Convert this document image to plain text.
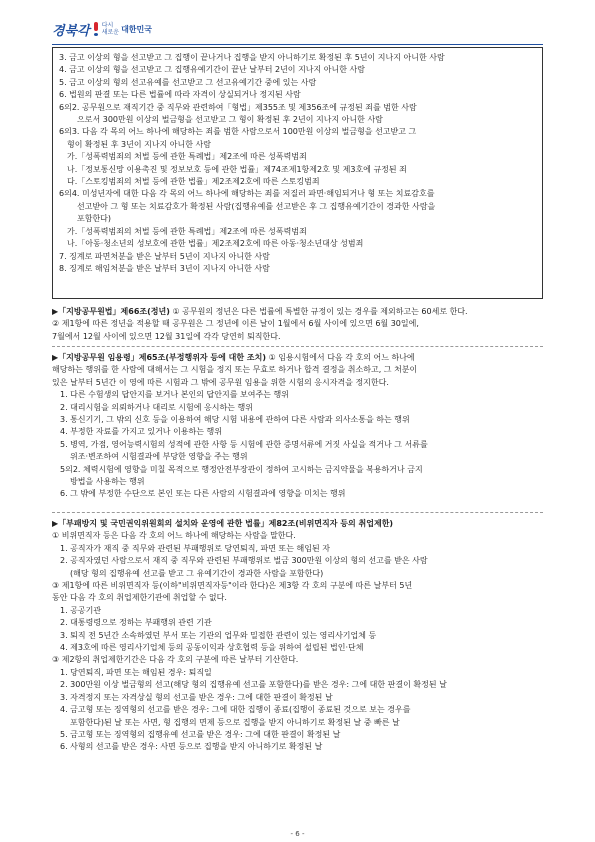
경북각 다시
새로운 대한민국
3. 금고 이상의 형을 선고받고 그 집행이 끝나거나 집행을 받지 아니하기로 확정된 후 5년이 지나지 아니한 사람
4. 금고 이상의 형을 선고받고 그 집행유예기간이 끝난 날부터 2년이 지나지 아니한 사람
5. 금고 이상의 형의 선고유예를 선고받고 그 선고유예기간 중에 있는 사람
6. 법원의 판결 또는 다른 법률에 따라 자격이 상실되거나 정지된 사람
6의2. 공무원으로 재직기간 중 직무와 관련하여「형법」제355조 및 제356조에 규정된 죄를 범한 사람
으로서 300만원 이상의 벌금형을 선고받고 그 형이 확정된 후 2년이 지나지 아니한 사람
6의3. 다음 각 목의 어느 하나에 해당하는 죄를 범한 사람으로서 100만원 이상의 벌금형을 선고받고 그
형이 확정된 후 3년이 지나지 아니한 사람
가.「성폭력범죄의 처벌 등에 관한 특례법」제2조에 따른 성폭력범죄
나.「정보통신망 이용촉진 및 정보보호 등에 관한 법률」제74조제1항제2호 및 제3호에 규정된 죄
다.「스토킹범죄의 처벌 등에 관한 법률」제2조제2호에 따른 스토킹범죄
6의4. 미성년자에 대한 다음 각 목의 어느 하나에 해당하는 죄를 저질러 파면·해임되거나 형 또는 치료감호를
선고받아 그 형 또는 치료감호가 확정된 사람(집행유예를 선고받은 후 그 집행유예기간이 경과한 사람을
포함한다)
가.「성폭력범죄의 처벌 등에 관한 특례법」제2조에 따른 성폭력범죄
나.「아동·청소년의 성보호에 관한 법률」제2조제2호에 따른 아동·청소년대상 성범죄
7. 징계로 파면처분을 받은 날부터 5년이 지나지 아니한 사람
8. 징계로 해임처분을 받은 날부터 3년이 지나지 아니한 사람
▶「지방공무원법」제66조(정년) ① 공무원의 정년은 다른 법률에 특별한 규정이 있는 경우를 제외하고는 60세로 한다.
② 제1항에 따른 정년을 적용할 때 공무원은 그 정년에 이른 날이 1월에서 6월 사이에 있으면 6월 30일에,
7월에서 12월 사이에 있으면 12월 31일에 각각 당연히 퇴직한다.
▶「지방공무원 임용령」제65조(부정행위자 등에 대한 조치) ① 임용시험에서 다음 각 호의 어느 하나에
해당하는 행위를 한 사람에 대해서는 그 시험을 정지 또는 무효로 하거나 합격 결정을 취소하고, 그 처분이
있은 날부터 5년간 이 영에 따른 시험과 그 밖에 공무원 임용을 위한 시험의 응시자격을 정지한다.
1. 다른 수험생의 답안지를 보거나 본인의 답안지를 보여주는 행위
2. 대리시험을 의뢰하거나 대리로 시험에 응시하는 행위
3. 통신기기, 그 밖의 신호 등을 이용하여 해당 시험 내용에 관하여 다른 사람과 의사소통을 하는 행위
4. 부정한 자료를 가지고 있거나 이용하는 행위
5. 병역, 가점, 영어능력시험의 성적에 관한 사항 등 시험에 관한 증명서류에 거짓 사실을 적거나 그 서류를
위조·변조하여 시험결과에 부당한 영향을 주는 행위
5의2. 체력시험에 영향을 미칠 목적으로 행정안전부장관이 정하여 고시하는 금지약물을 복용하거나 금지
방법을 사용하는 행위
6. 그 밖에 부정한 수단으로 본인 또는 다른 사람의 시험결과에 영향을 미치는 행위
▶「부패방지 및 국민권익위원회의 설치와 운영에 관한 법률」제82조(비위면직자 등의 취업제한)
① 비위면직자 등은 다음 각 호의 어느 하나에 해당하는 사람을 말한다.
1. 공직자가 재직 중 직무와 관련된 부패행위로 당연퇴직, 파면 또는 해임된 자
2. 공직자였던 사람으로서 재직 중 직무와 관련된 부패행위로 벌금 300만원 이상의 형의 선고를 받은 사람
(해당 형의 집행유예 선고를 받고 그 유예기간이 경과한 사람을 포함한다)
③ 제1항에 따른 비위면직자 등(이하"비위면직자등"이라 한다)은 제3항 각 호의 구분에 따른 날부터 5년
동안 다음 각 호의 취업제한기관에 취업할 수 없다.
1. 공공기관
2. 대통령령으로 정하는 부패행위 관련 기관
3. 퇴직 전 5년간 소속하였던 부서 또는 기관의 업무와 밀접한 관련이 있는 영리사기업체 등
4. 제3호에 따른 영리사기업체 등의 공동이익과 상호협력 등을 위하여 설립된 법인·단체
③ 제2항의 취업제한기간은 다음 각 호의 구분에 따른 날부터 기산한다.
1. 당연퇴직, 파면 또는 해임된 경우: 퇴직일
2. 300만원 이상 벌금형의 선고(해당 형의 집행유예 선고를 포함한다)를 받은 경우: 그에 대한 판결이 확정된 날
3. 자격정지 또는 자격상실 형의 선고를 받은 경우: 그에 대한 판결이 확정된 날
4. 금고형 또는 징역형의 선고를 받은 경우: 그에 대한 집행이 종료(집행이 종료된 것으로 보는 경우를
포함한다)된 날 또는 사면, 형 집행의 면제 등으로 집행을 받지 아니하기로 확정된 날 중 빠른 날
5. 금고형 또는 징역형의 집행유예 선고를 받은 경우: 그에 대한 판결이 확정된 날
6. 사형의 선고를 받은 경우: 사면 등으로 집행을 받지 아니하기로 확정된 날
- 6 -
